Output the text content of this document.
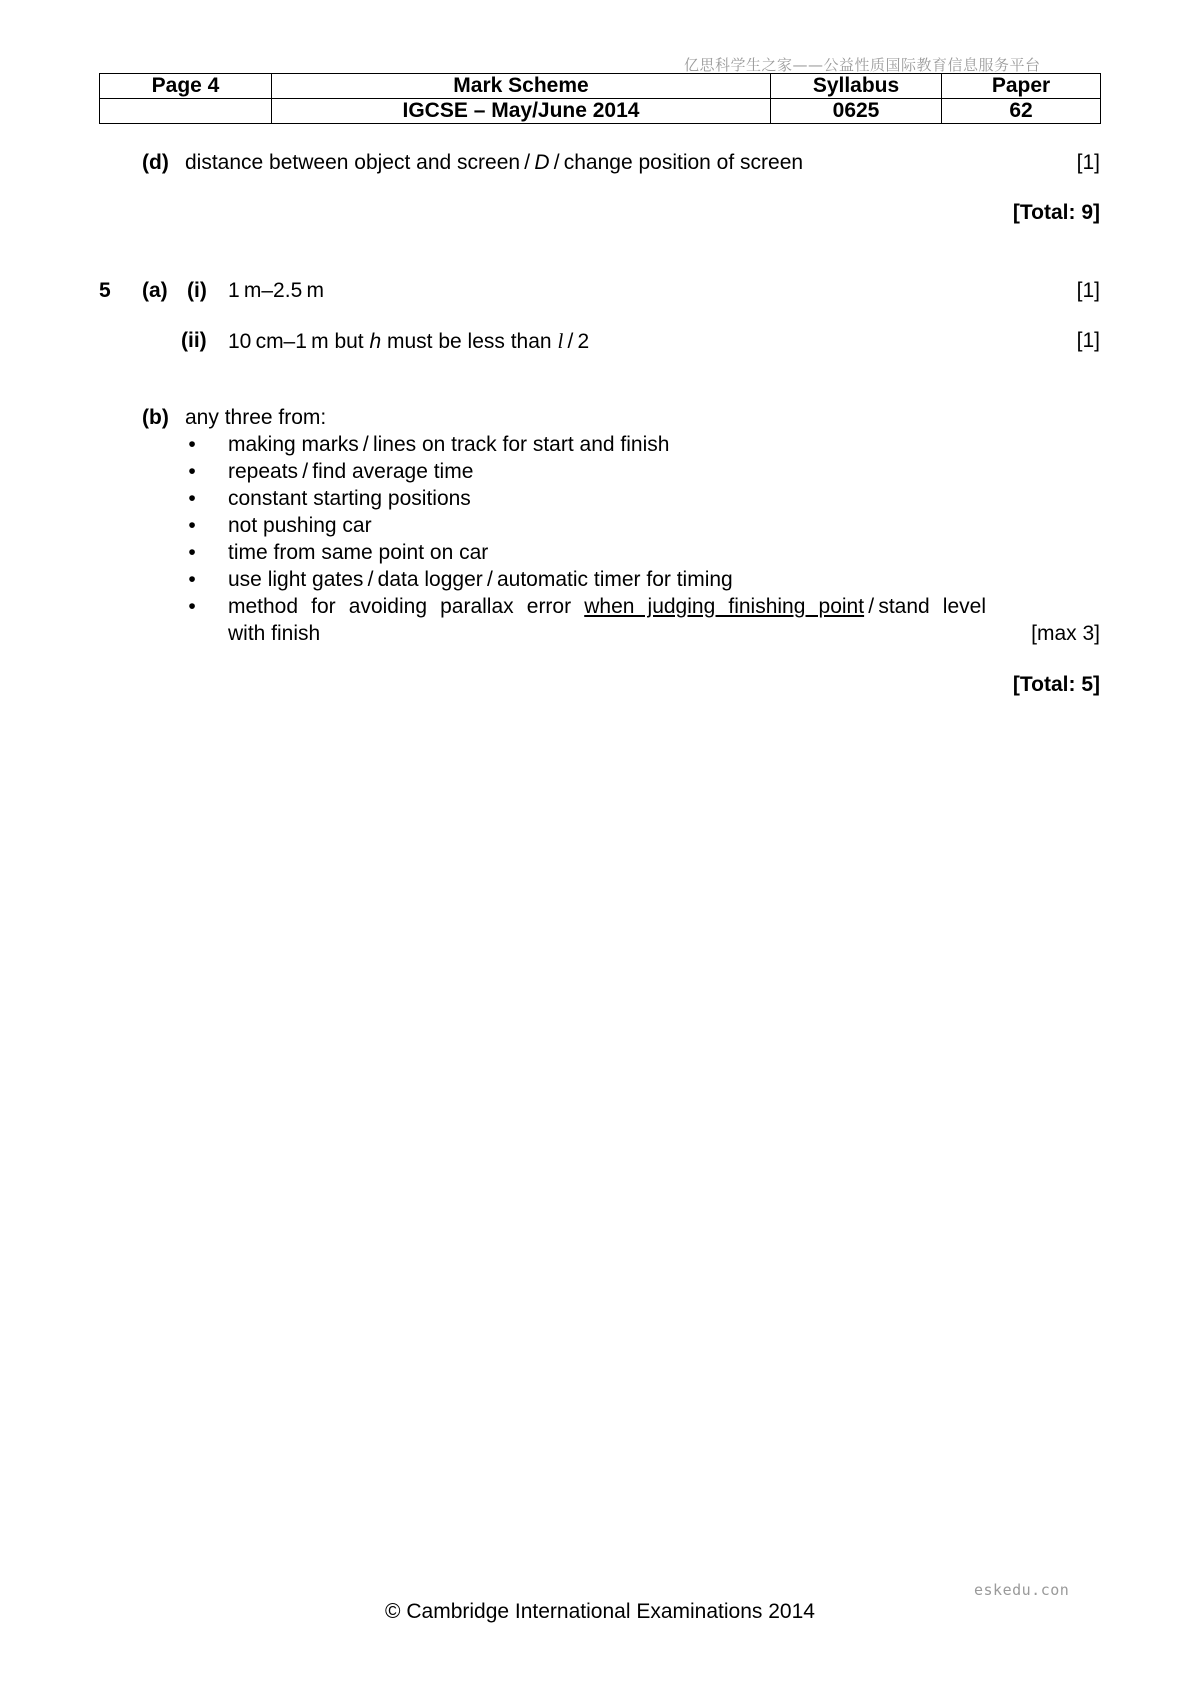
亿思科学生之家——公益性质国际教育信息服务平台
Page 4	Mark Scheme	Syllabus	Paper
	IGCSE – May/June 2014	0625	62
(d) distance between object and screen / D / change position of screen	[1]
[Total: 9]
5 (a) (i) 1 m–2.5 m	[1]
(ii) 10 cm–1 m but h must be less than l / 2	[1]
(b) any three from:
• making marks / lines on track for start and finish
• repeats / find average time
• constant starting positions
• not pushing car
• time from same point on car
• use light gates / data logger / automatic timer for timing
• method for avoiding parallax error when judging finishing point / stand level
with finish	[max 3]
[Total: 5]
eskedu.con
© Cambridge International Examinations 2014
